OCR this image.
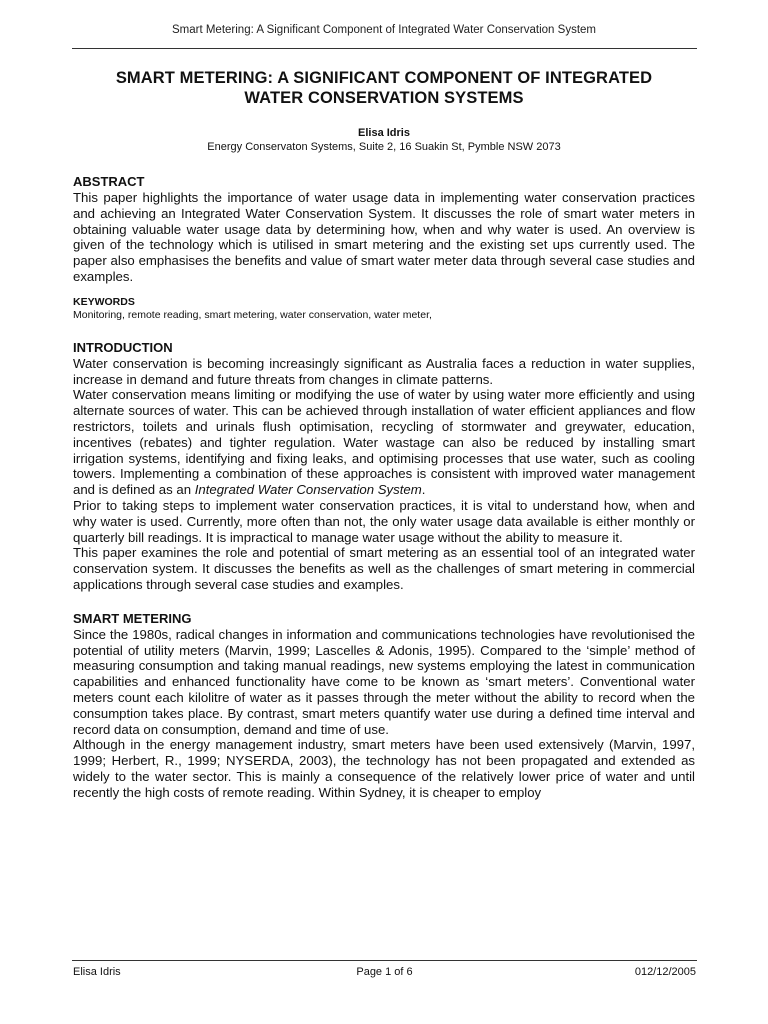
Smart Metering: A Significant Component of Integrated Water Conservation System
SMART METERING: A SIGNIFICANT COMPONENT OF INTEGRATED
WATER CONSERVATION SYSTEMS
Elisa Idris
Energy Conservaton Systems, Suite 2, 16 Suakin St, Pymble NSW 2073
ABSTRACT

This paper highlights the importance of water usage data in implementing water conservation practices and achieving an Integrated Water Conservation System. It discusses the role of smart water meters in obtaining valuable water usage data by determining how, when and why water is used. An overview is given of the technology which is utilised in smart metering and the existing set ups currently used. The paper also emphasises the benefits and value of smart water meter data through several case studies and examples.

KEYWORDS
Monitoring, remote reading, smart metering, water conservation, water meter,
INTRODUCTION

Water conservation is becoming increasingly significant as Australia faces a reduction in water supplies, increase in demand and future threats from changes in climate patterns.

Water conservation means limiting or modifying the use of water by using water more efficiently and using alternate sources of water. This can be achieved through installation of water efficient appliances and flow restrictors, toilets and urinals flush optimisation, recycling of stormwater and greywater, education, incentives (rebates) and tighter regulation. Water wastage can also be reduced by installing smart irrigation systems, identifying and fixing leaks, and optimising processes that use water, such as cooling towers. Implementing a combination of these approaches is consistent with improved water management and is defined as an Integrated Water Conservation System.

Prior to taking steps to implement water conservation practices, it is vital to understand how, when and why water is used. Currently, more often than not, the only water usage data available is either monthly or quarterly bill readings. It is impractical to manage water usage without the ability to measure it.

This paper examines the role and potential of smart metering as an essential tool of an integrated water conservation system. It discusses the benefits as well as the challenges of smart metering in commercial applications through several case studies and examples.

SMART METERING

Since the 1980s, radical changes in information and communications technologies have revolutionised the potential of utility meters (Marvin, 1999; Lascelles & Adonis, 1995). Compared to the ‘simple’ method of measuring consumption and taking manual readings, new systems employing the latest in communication capabilities and enhanced functionality have come to be known as ‘smart meters’. Conventional water meters count each kilolitre of water as it passes through the meter without the ability to record when the consumption takes place. By contrast, smart meters quantify water use during a defined time interval and record data on consumption, demand and time of use.

Although in the energy management industry, smart meters have been used extensively (Marvin, 1997, 1999; Herbert, R., 1999; NYSERDA, 2003), the technology has not been propagated and extended as widely to the water sector. This is mainly a consequence of the relatively lower price of water and until recently the high costs of remote reading. Within Sydney, it is cheaper to employ

Elisa Idris	Page 1 of 6	012/12/2005
